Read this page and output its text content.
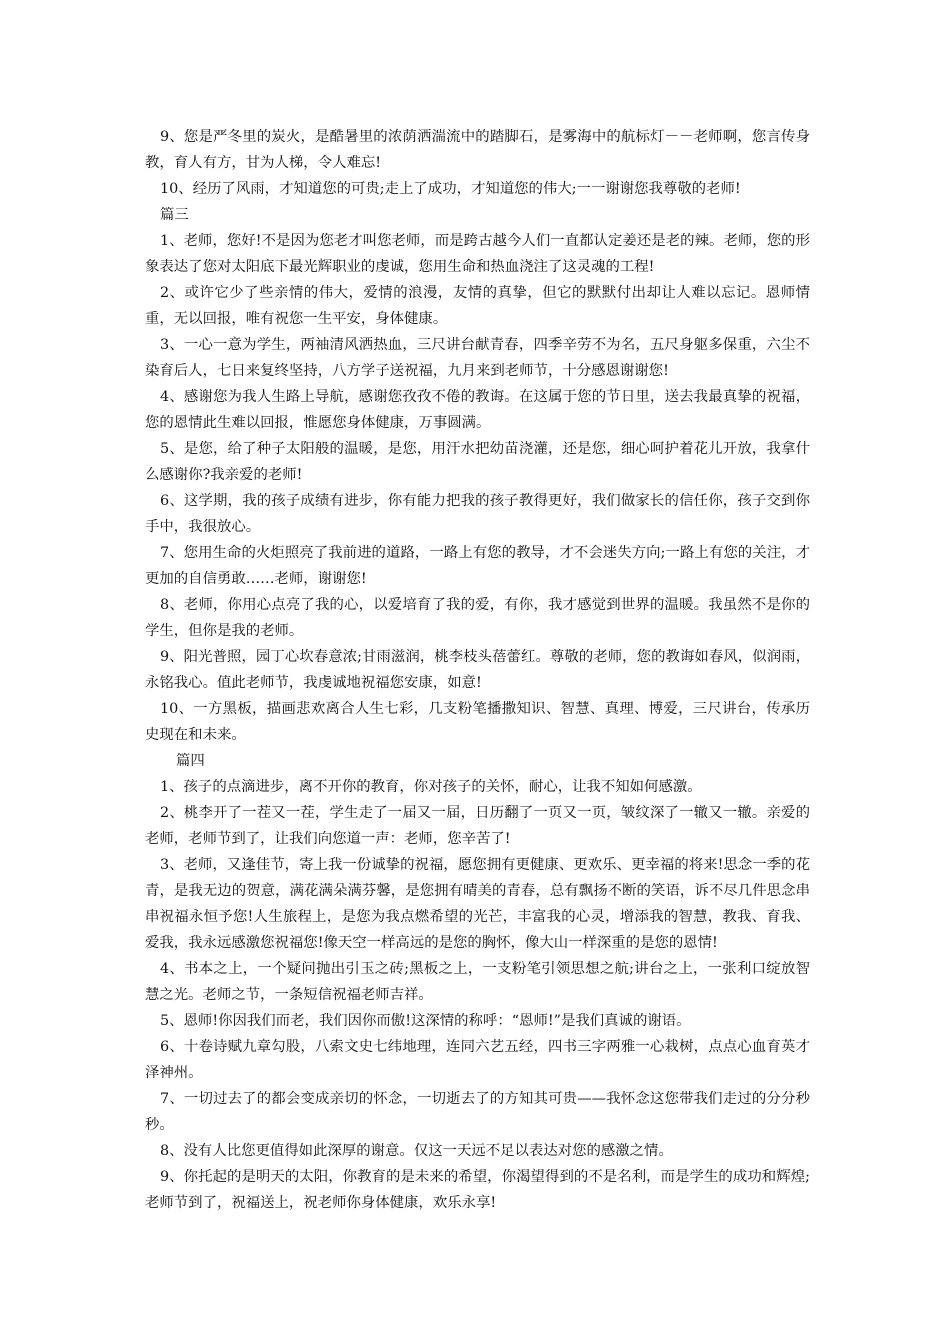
9、您是严冬里的炭火，是酷暑里的浓荫洒湍流中的踏脚石，是雾海中的航标灯－－老师啊，您言传身教，育人有方，甘为人梯，令人难忘!

10、经历了风雨，才知道您的可贵;走上了成功，才知道您的伟大;一一谢谢您我尊敬的老师!

篇三

1、老师，您好!不是因为您老才叫您老师，而是跨古越今人们一直都认定姜还是老的辣。老师，您的形象表达了您对太阳底下最光辉职业的虔诚，您用生命和热血浇注了这灵魂的工程!

2、或许它少了些亲情的伟大，爱情的浪漫，友情的真挚，但它的默默付出却让人难以忘记。恩师情重，无以回报，唯有祝您一生平安，身体健康。

3、一心一意为学生，两袖清风洒热血，三尺讲台献青春，四季辛劳不为名，五尺身躯多保重，六尘不染育后人，七日来复终坚持，八方学子送祝福，九月来到老师节，十分感恩谢谢您!

4、感谢您为我人生路上导航，感谢您孜孜不倦的教诲。在这属于您的节日里，送去我最真挚的祝福，您的恩情此生难以回报，惟愿您身体健康，万事圆满。

5、是您，给了种子太阳般的温暖，是您，用汗水把幼苗浇灌，还是您，细心呵护着花儿开放，我拿什么感谢你?我亲爱的老师!

6、这学期，我的孩子成绩有进步，你有能力把我的孩子教得更好，我们做家长的信任你，孩子交到你手中，我很放心。

7、您用生命的火炬照亮了我前进的道路，一路上有您的教导，才不会迷失方向;一路上有您的关注，才更加的自信勇敢……老师，谢谢您!

8、老师，你用心点亮了我的心，以爱培育了我的爱，有你，我才感觉到世界的温暖。我虽然不是你的学生，但你是我的老师。

9、阳光普照，园丁心坎春意浓;甘雨滋润，桃李枝头蓓蕾红。尊敬的老师，您的教诲如春风，似润雨，永铭我心。值此老师节，我虔诚地祝福您安康，如意!

10、一方黑板，描画悲欢离合人生七彩，几支粉笔播撒知识、智慧、真理、博爱，三尺讲台，传承历史现在和未来。

篇四

1、孩子的点滴进步，离不开你的教育，你对孩子的关怀，耐心，让我不知如何感激。

2、桃李开了一茬又一茬，学生走了一届又一届，日历翻了一页又一页，皱纹深了一辙又一辙。亲爱的老师，老师节到了，让我们向您道一声：老师，您辛苦了!

3、老师，又逢佳节，寄上我一份诚挚的祝福，愿您拥有更健康、更欢乐、更幸福的将来!思念一季的花青，是我无边的贺意，满花满朵满芬馨，是您拥有晴美的青春，总有飘扬不断的笑语，诉不尽几件思念串串祝福永恒予您!人生旅程上，是您为我点燃希望的光芒，丰富我的心灵，增添我的智慧，教我、育我、爱我，我永远感激您祝福您!像天空一样高远的是您的胸怀，像大山一样深重的是您的恩情!

4、书本之上，一个疑问抛出引玉之砖;黑板之上，一支粉笔引领思想之航;讲台之上，一张利口绽放智慧之光。老师之节，一条短信祝福老师吉祥。

5、恩师!你因我们而老，我们因你而傲!这深情的称呼：“恩师!”是我们真诚的谢语。

6、十卷诗赋九章勾股，八索文史七纬地理，连同六艺五经，四书三字两雅一心栽树，点点心血育英才泽神州。

7、一切过去了的都会变成亲切的怀念，一切逝去了的方知其可贵——我怀念这您带我们走过的分分秒秒。

8、没有人比您更值得如此深厚的谢意。仅这一天远不足以表达对您的感激之情。

9、你托起的是明天的太阳，你教育的是未来的希望，你渴望得到的不是名利，而是学生的成功和辉煌;老师节到了，祝福送上，祝老师你身体健康，欢乐永享!
